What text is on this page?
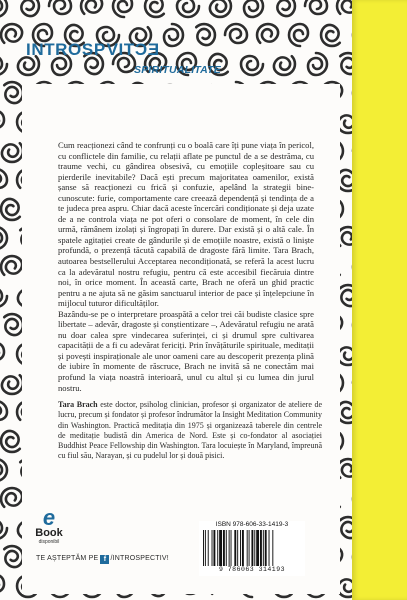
INTROSPECTIV
SPIRITUALITATE

Cum reacționezi când te confrunți cu o boală care îți pune viața în pericol, cu conflictele din familie, cu relații aflate pe punctul de a se destrăma, cu traume vechi, cu gândirea obsesivă, cu emoțiile copleșitoare sau cu pierderile inevitabile? Dacă ești precum majoritatea oamenilor, există șanse să reacționezi cu frică și confuzie, apelând la strategii bine-cunoscute: furie, comportamente care creează dependență și tendința de a te judeca prea aspru. Chiar dacă aceste încercări condiționate și deja uzate de a ne controla viața ne pot oferi o consolare de moment, în cele din urmă, rămânem izolați și îngropați în durere. Dar există și o altă cale. În spatele agitației create de gândurile și de emoțiile noastre, există o liniște profundă, o prezență tăcută capabilă de dragoste fără limite. Tara Brach, autoarea bestsellerului Acceptarea necondiționată, se referă la acest lucru ca la adevăratul nostru refugiu, pentru că este accesibil fiecăruia dintre noi, în orice moment. În această carte, Brach ne oferă un ghid practic pentru a ne ajuta să ne găsim sanctuarul interior de pace și înțelepciune în mijlocul tuturor dificultăților.

Bazându-se pe o interpretare proaspătă a celor trei căi budiste clasice spre libertate – adevăr, dragoste și conștientizare –, Adevăratul refugiu ne arată nu doar calea spre vindecarea suferinței, ci și drumul spre cultivarea capacității de a fi cu adevărat fericiți. Prin învățăturile spirituale, meditații și povești inspiraționale ale unor oameni care au descoperit prezența plină de iubire în momente de răscruce, Brach ne invită să ne conectăm mai profund la viața noastră interioară, unul cu altul și cu lumea din jurul nostru.

Tara Brach este doctor, psiholog clinician, profesor și organizator de ateliere de lucru, precum și fondator și profesor îndrumător la Insight Meditation Community din Washington. Practică meditația din 1975 și organizează taberele din centrele de meditație budistă din America de Nord. Este și co-fondator al asociației Buddhist Peace Fellowship din Washington. Tara locuiește în Maryland, împreună cu fiul său, Narayan, și cu pudelul lor și două pisici.
e
Book
disponibil
TE AȘTEPTĂM PE f /INTROSPECTIV!
ISBN 978-606-33-1419-3
9 786063 314193
